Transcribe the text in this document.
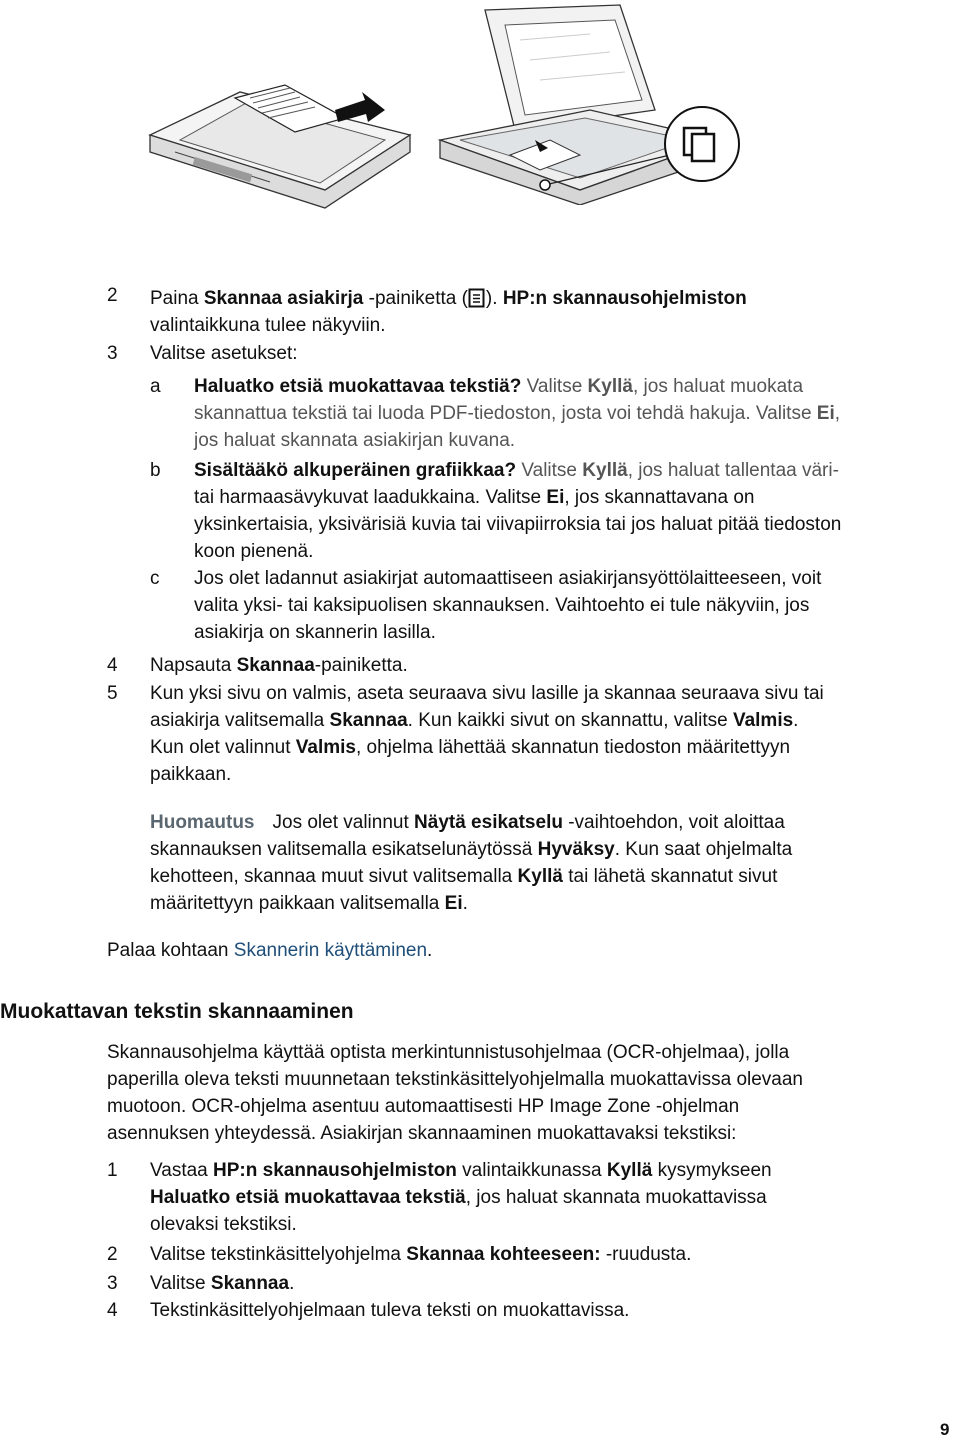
2 Paina Skannaa asiakirja -painiketta ( ). HP:n skannausohjelmiston
valintaikkuna tulee näkyviin.
3 Valitse asetukset:
a Haluatko etsiä muokattavaa tekstiä? Valitse Kyllä, jos haluat muokata
skannattua tekstiä tai luoda PDF-tiedoston, josta voi tehdä hakuja. Valitse Ei,
jos haluat skannata asiakirjan kuvana.
b Sisältääkö alkuperäinen grafiikkaa? Valitse Kyllä, jos haluat tallentaa väri-
tai harmaasävykuvat laadukkaina. Valitse Ei, jos skannattavana on
yksinkertaisia, yksivärisiä kuvia tai viivapiirroksia tai jos haluat pitää tiedoston
koon pienenä.
c Jos olet ladannut asiakirjat automaattiseen asiakirjansyöttölaitteeseen, voit
valita yksi- tai kaksipuolisen skannauksen. Vaihtoehto ei tule näkyviin, jos
asiakirja on skannerin lasilla.
4 Napsauta Skannaa-painiketta.
5 Kun yksi sivu on valmis, aseta seuraava sivu lasille ja skannaa seuraava sivu tai
asiakirja valitsemalla Skannaa. Kun kaikki sivut on skannattu, valitse Valmis.
Kun olet valinnut Valmis, ohjelma lähettää skannatun tiedoston määritettyyn
paikkaan.
Huomautus Jos olet valinnut Näytä esikatselu -vaihtoehdon, voit aloittaa
skannauksen valitsemalla esikatselunäytössä Hyväksy. Kun saat ohjelmalta
kehotteen, skannaa muut sivut valitsemalla Kyllä tai lähetä skannatut sivut
määritettyyn paikkaan valitsemalla Ei.
Palaa kohtaan Skannerin käyttäminen.
Muokattavan tekstin skannaaminen
Skannausohjelma käyttää optista merkintunnistusohjelmaa (OCR-ohjelmaa), jolla
paperilla oleva teksti muunnetaan tekstinkäsittelyohjelmalla muokattavissa olevaan
muotoon. OCR-ohjelma asentuu automaattisesti HP Image Zone -ohjelman
asennuksen yhteydessä. Asiakirjan skannaaminen muokattavaksi tekstiksi:
1 Vastaa HP:n skannausohjelmiston valintaikkunassa Kyllä kysymykseen
Haluatko etsiä muokattavaa tekstiä, jos haluat skannata muokattavissa
olevaksi tekstiksi.
2 Valitse tekstinkäsittelyohjelma Skannaa kohteeseen: -ruudusta.
3 Valitse Skannaa.
4 Tekstinkäsittelyohjelmaan tuleva teksti on muokattavissa.
9
